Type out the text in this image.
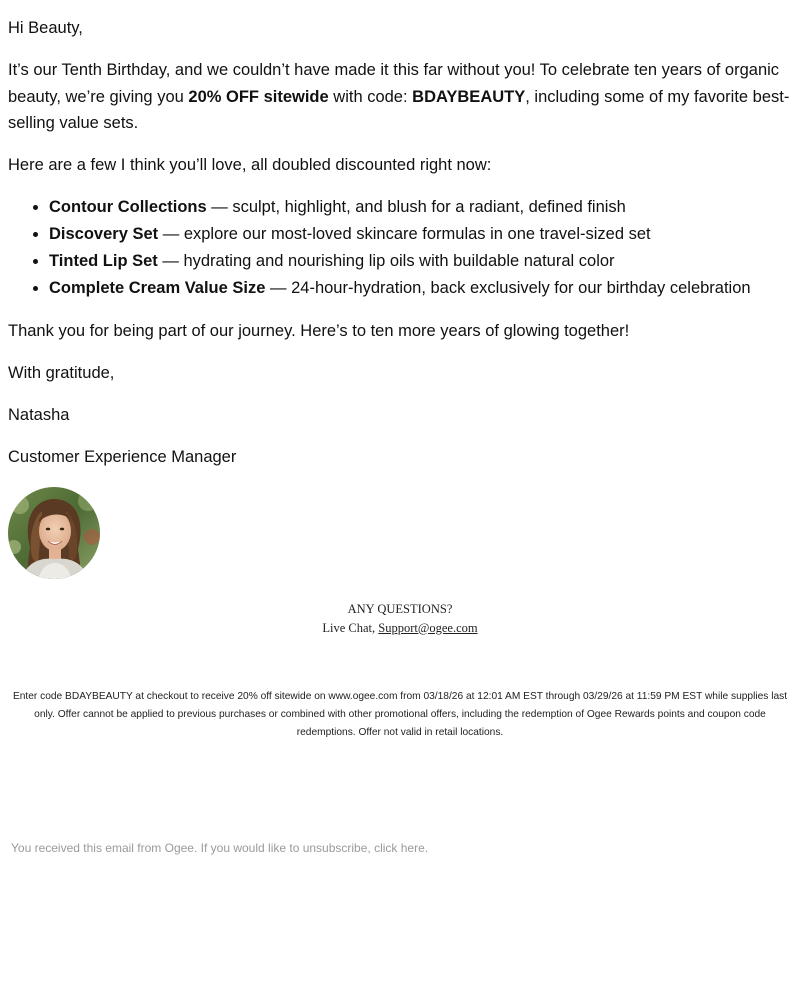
Hi Beauty,

It’s our Tenth Birthday, and we couldn’t have made it this far without you! To celebrate ten years of organic beauty, we’re giving you 20% OFF sitewide with code: BDAYBEAUTY, including some of my favorite best-selling value sets.

Here are a few I think you’ll love, all doubled discounted right now:

• Contour Collections — sculpt, highlight, and blush for a radiant, defined finish
• Discovery Set — explore our most-loved skincare formulas in one travel-sized set
• Tinted Lip Set — hydrating and nourishing lip oils with buildable natural color
• Complete Cream Value Size — 24-hour-hydration, back exclusively for our birthday celebration

Thank you for being part of our journey. Here’s to ten more years of glowing together!

With gratitude,

Natasha

Customer Experience Manager

ANY QUESTIONS?
Live Chat, Support@ogee.com
Enter code BDAYBEAUTY at checkout to receive 20% off sitewide on www.ogee.com from 03/18/26 at 12:01 AM EST through 03/29/26 at 11:59 PM EST while supplies last only. Offer cannot be applied to previous purchases or combined with other promotional offers, including the redemption of Ogee Rewards points and coupon code redemptions. Offer not valid in retail locations.
You received this email from Ogee. If you would like to unsubscribe, click here.
